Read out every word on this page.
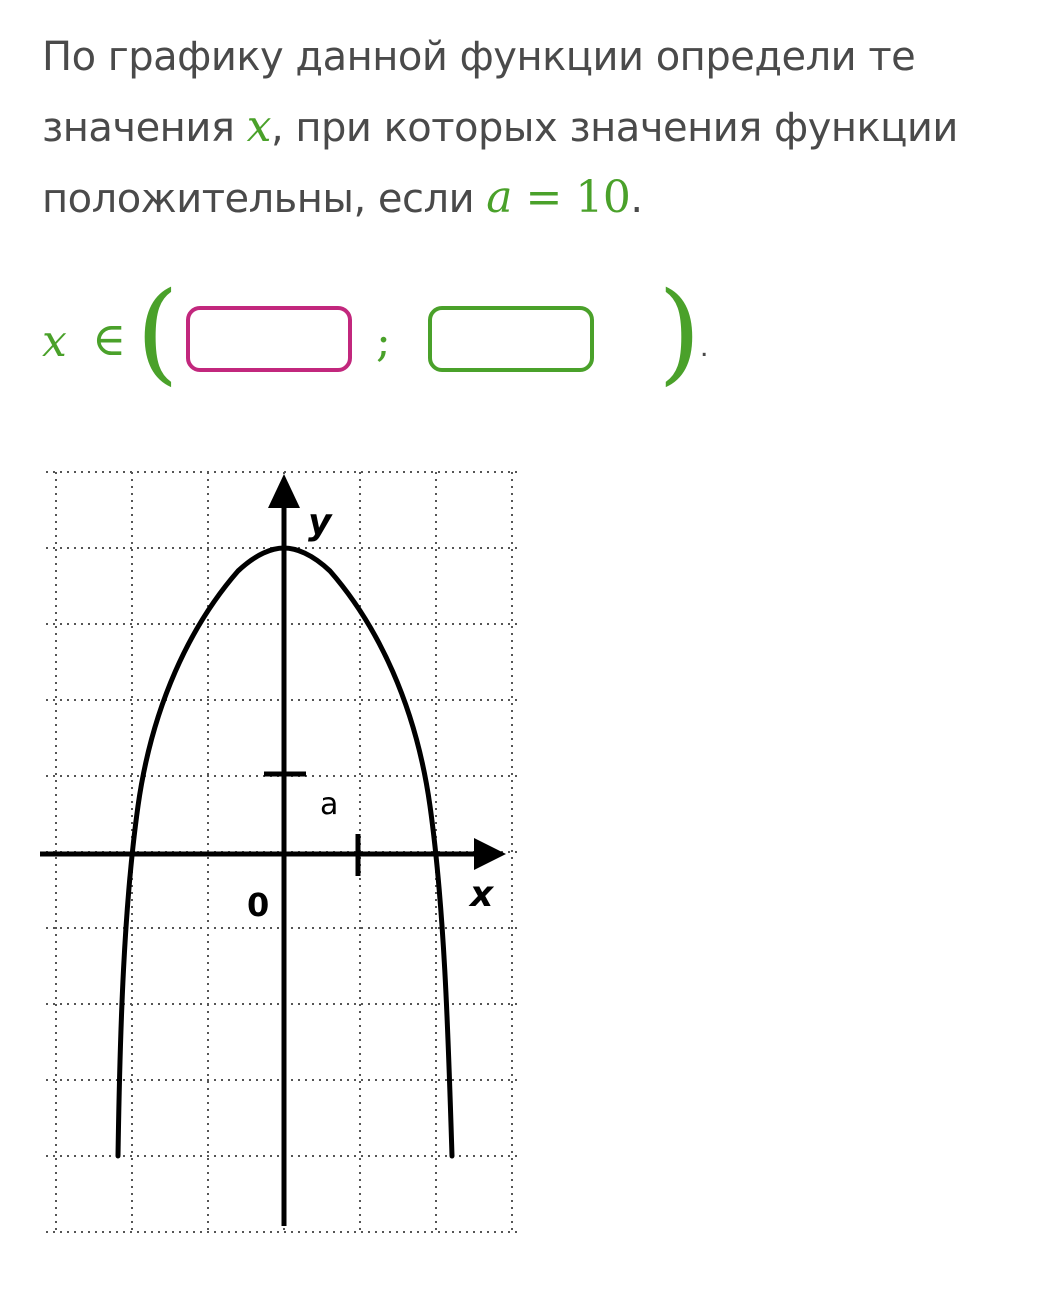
По графику данной функции определи те значения x, при которых значения функции положительны, если a = 10.
x ∈ (	; ) .
y
x
0
a
